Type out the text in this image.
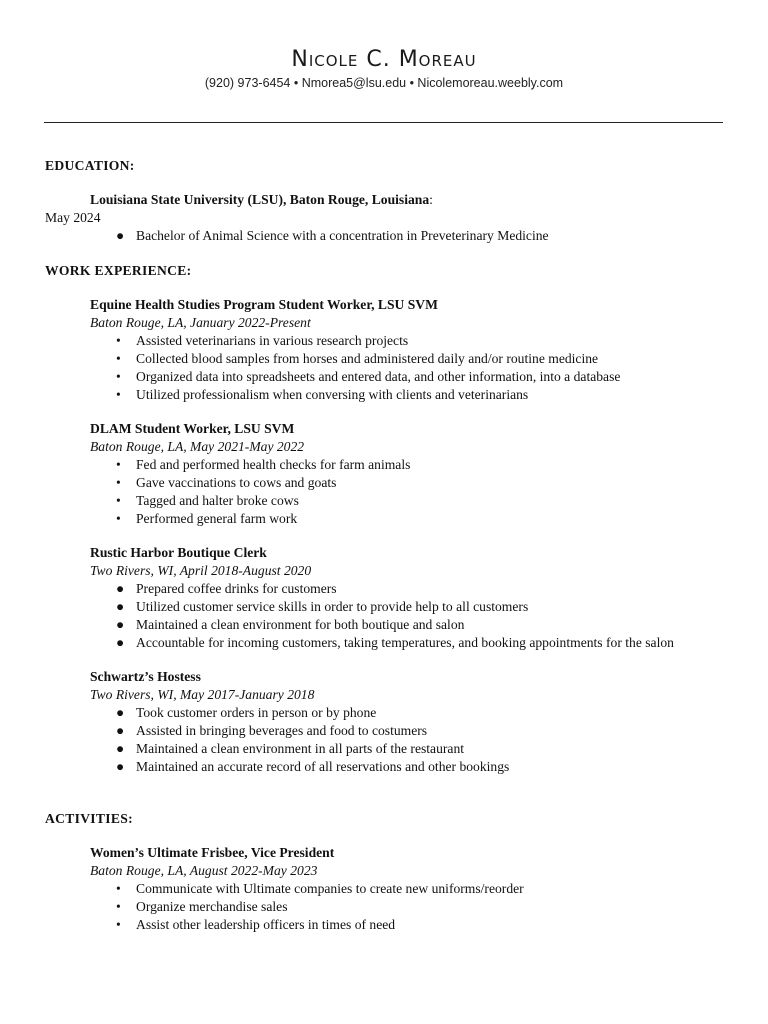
Nicole C. Moreau
(920) 973-6454 • Nmorea5@lsu.edu • Nicolemoreau.weebly.com
EDUCATION:
Louisiana State University (LSU), Baton Rouge, Louisiana:
May 2024
● Bachelor of Animal Science with a concentration in Preveterinary Medicine
WORK EXPERIENCE:
Equine Health Studies Program Student Worker, LSU SVM
Baton Rouge, LA, January 2022-Present
• Assisted veterinarians in various research projects
• Collected blood samples from horses and administered daily and/or routine medicine
• Organized data into spreadsheets and entered data, and other information, into a database
• Utilized professionalism when conversing with clients and veterinarians
DLAM Student Worker, LSU SVM
Baton Rouge, LA, May 2021-May 2022
• Fed and performed health checks for farm animals
• Gave vaccinations to cows and goats
• Tagged and halter broke cows
• Performed general farm work
Rustic Harbor Boutique Clerk
Two Rivers, WI, April 2018-August 2020
● Prepared coffee drinks for customers
● Utilized customer service skills in order to provide help to all customers
● Maintained a clean environment for both boutique and salon
● Accountable for incoming customers, taking temperatures, and booking appointments for the salon
Schwartz’s Hostess
Two Rivers, WI, May 2017-January 2018
● Took customer orders in person or by phone
● Assisted in bringing beverages and food to costumers
● Maintained a clean environment in all parts of the restaurant
● Maintained an accurate record of all reservations and other bookings
ACTIVITIES:
Women’s Ultimate Frisbee, Vice President
Baton Rouge, LA, August 2022-May 2023
• Communicate with Ultimate companies to create new uniforms/reorder
• Organize merchandise sales
• Assist other leadership officers in times of need
